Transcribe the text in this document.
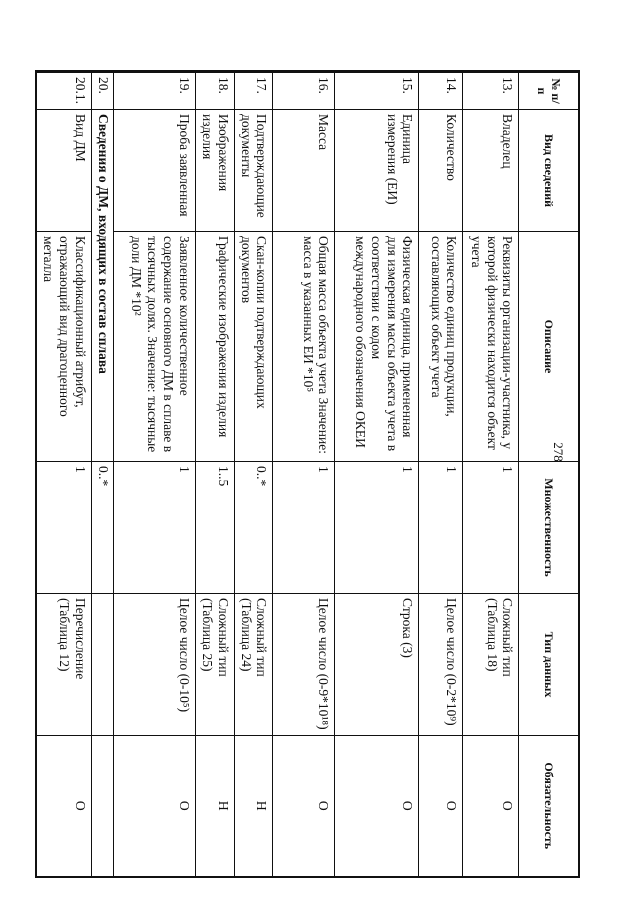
278
№ п/п	Вид сведений	Описание	Множественность	Тип данных	Обязательность
13.	Владелец	Реквизиты организации-участника, у которой физически находится объект учета	1	Сложный тип (Таблица 18)	О
14.	Количество	Количество единиц продукции, составляющих объект учета	1	Целое число (0-2*10⁹)	О
15.	Единица измерения (ЕИ)	Физическая единица, примененная для измерения массы объекта учета в соответствии с кодом международного обозначения ОКЕИ	1	Строка (3)	О
16.	Масса	Общая масса объекта учета Значение: масса в указанных ЕИ *10⁵	1	Целое число (0-9*10¹⁸)	О
17.	Подтверждающие документы	Скан-копии подтверждающих документов	0..*	Сложный тип (Таблица 24)	Н
18.	Изображения изделия	Графические изображения изделия	1..5	Сложный тип (Таблица 25)	Н
19.	Проба заявленная	Заявленное количественное содержание основного ДМ в сплаве в тысячных долях. Значение: тысячные доли ДМ *10²	1	Целое число (0-10⁵)	О
20.	Сведения о ДМ, входящих в состав сплава		0..*		
20.1.	Вид ДМ	Классификационный атрибут, отражающий вид драгоценного металла	1	Перечисление (Таблица 12)	О
